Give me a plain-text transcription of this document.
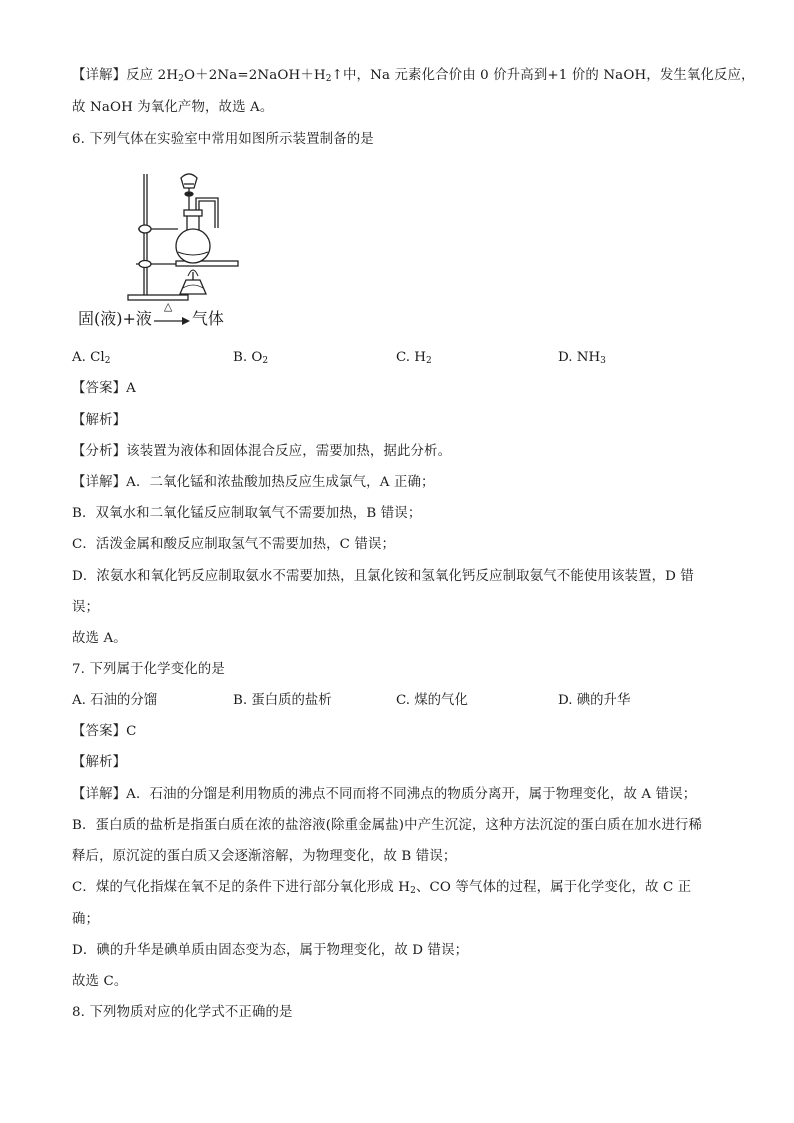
【详解】反应 $2H_2O+2Na=2NaOH+H_2↑$中，Na 元素化合价由 0 价升高到+1 价的 NaOH，发生氧化反应，
故 NaOH 为氧化产物，故选 A。
6. 下列气体在实验室中常用如图所示装置制备的是
固(液)+液
△
气体
A. $Cl_2$	B. $O_2$	C. $H_2$	D. $NH_3$
【答案】A
【解析】
【分析】该装置为液体和固体混合反应，需要加热，据此分析。
【详解】A．二氧化锰和浓盐酸加热反应生成氯气，A 正确；
B．双氧水和二氧化锰反应制取氧气不需要加热，B 错误；
C．活泼金属和酸反应制取氢气不需要加热，C 错误；
D．浓氨水和氧化钙反应制取氨水不需要加热，且氯化铵和氢氧化钙反应制取氨气不能使用该装置，D 错
误；
故选 A。
7. 下列属于化学变化的是
A. 石油的分馏	B. 蛋白质的盐析	C. 煤的气化	D. 碘的升华
【答案】C
【解析】
【详解】A．石油的分馏是利用物质的沸点不同而将不同沸点的物质分离开，属于物理变化，故 A 错误；
B．蛋白质的盐析是指蛋白质在浓的盐溶液(除重金属盐)中产生沉淀，这种方法沉淀的蛋白质在加水进行稀
释后，原沉淀的蛋白质又会逐渐溶解，为物理变化，故 B 错误；
C．煤的气化指煤在氧不足的条件下进行部分氧化形成 $H_2$、CO 等气体的过程，属于化学变化，故 C 正
确；
D．碘的升华是碘单质由固态变为态，属于物理变化，故 D 错误；
故选 C。
8. 下列物质对应的化学式不正确的是
